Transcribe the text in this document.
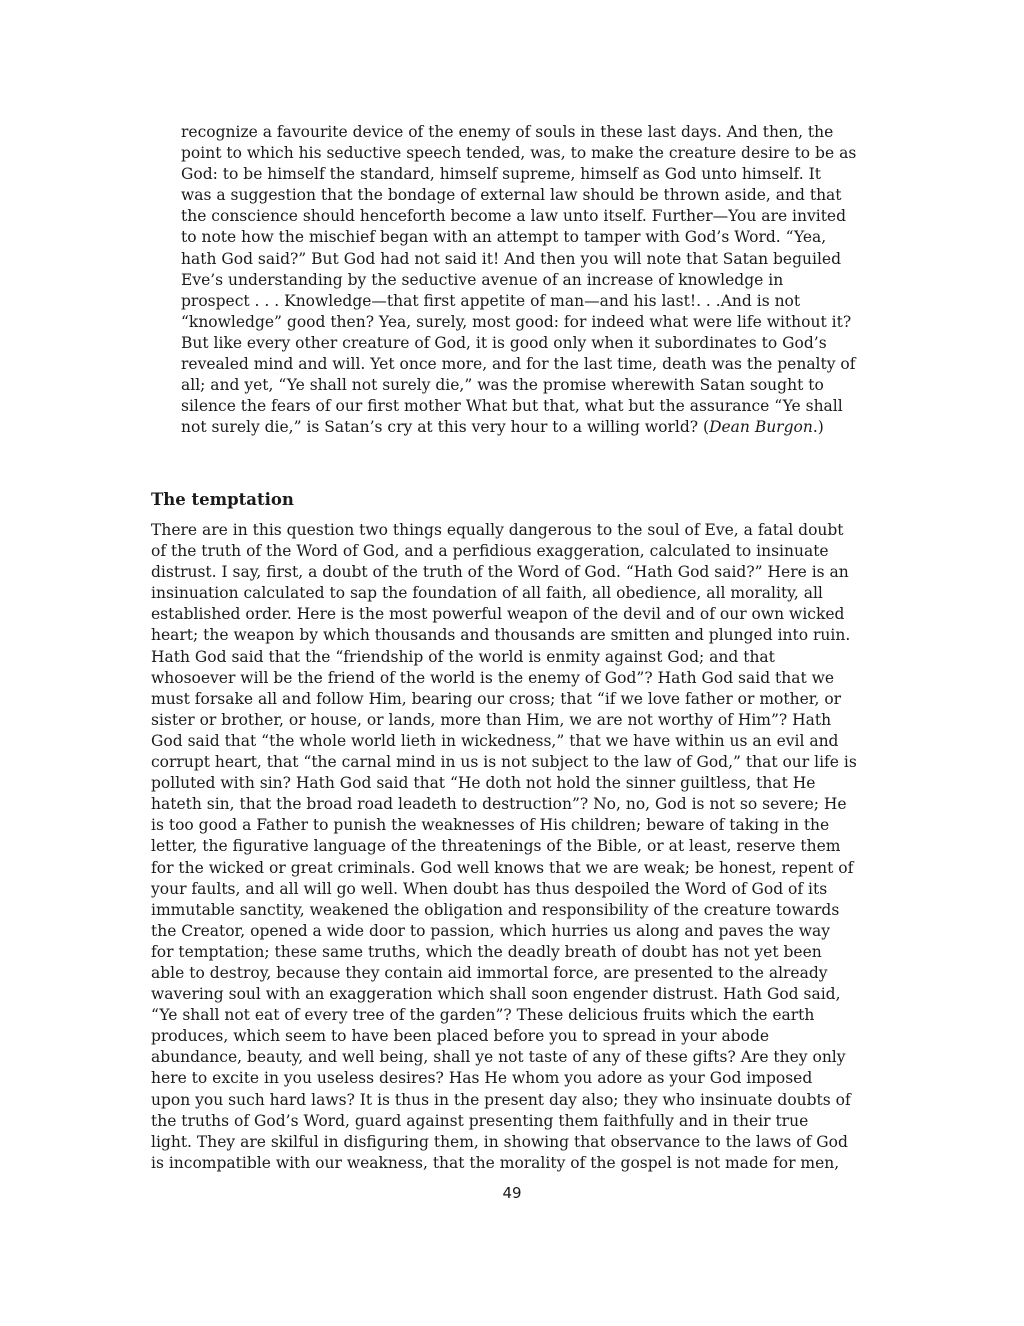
recognize a favourite device of the enemy of souls in these last days. And then, the
point to which his seductive speech tended, was, to make the creature desire to be as
God: to be himself the standard, himself supreme, himself as God unto himself. It
was a suggestion that the bondage of external law should be thrown aside, and that
the conscience should henceforth become a law unto itself. Further—You are invited
to note how the mischief began with an attempt to tamper with God’s Word. “Yea,
hath God said?” But God had not said it! And then you will note that Satan beguiled
Eve’s understanding by the seductive avenue of an increase of knowledge in
prospect . . . Knowledge—that first appetite of man—and his last!. . .And is not
“knowledge” good then? Yea, surely, most good: for indeed what were life without it?
But like every other creature of God, it is good only when it subordinates to God’s
revealed mind and will. Yet once more, and for the last time, death was the penalty of
all; and yet, “Ye shall not surely die,” was the promise wherewith Satan sought to
silence the fears of our first mother What but that, what but the assurance “Ye shall
not surely die,” is Satan’s cry at this very hour to a willing world? (Dean Burgon.)
The temptation
There are in this question two things equally dangerous to the soul of Eve, a fatal doubt
of the truth of the Word of God, and a perfidious exaggeration, calculated to insinuate
distrust. I say, first, a doubt of the truth of the Word of God. “Hath God said?” Here is an
insinuation calculated to sap the foundation of all faith, all obedience, all morality, all
established order. Here is the most powerful weapon of the devil and of our own wicked
heart; the weapon by which thousands and thousands are smitten and plunged into ruin.
Hath God said that the “friendship of the world is enmity against God; and that
whosoever will be the friend of the world is the enemy of God”? Hath God said that we
must forsake all and follow Him, bearing our cross; that “if we love father or mother, or
sister or brother, or house, or lands, more than Him, we are not worthy of Him”? Hath
God said that “the whole world lieth in wickedness,” that we have within us an evil and
corrupt heart, that “the carnal mind in us is not subject to the law of God,” that our life is
polluted with sin? Hath God said that “He doth not hold the sinner guiltless, that He
hateth sin, that the broad road leadeth to destruction”? No, no, God is not so severe; He
is too good a Father to punish the weaknesses of His children; beware of taking in the
letter, the figurative language of the threatenings of the Bible, or at least, reserve them
for the wicked or great criminals. God well knows that we are weak; be honest, repent of
your faults, and all will go well. When doubt has thus despoiled the Word of God of its
immutable sanctity, weakened the obligation and responsibility of the creature towards
the Creator, opened a wide door to passion, which hurries us along and paves the way
for temptation; these same truths, which the deadly breath of doubt has not yet been
able to destroy, because they contain aid immortal force, are presented to the already
wavering soul with an exaggeration which shall soon engender distrust. Hath God said,
“Ye shall not eat of every tree of the garden”? These delicious fruits which the earth
produces, which seem to have been placed before you to spread in your abode
abundance, beauty, and well being, shall ye not taste of any of these gifts? Are they only
here to excite in you useless desires? Has He whom you adore as your God imposed
upon you such hard laws? It is thus in the present day also; they who insinuate doubts of
the truths of God’s Word, guard against presenting them faithfully and in their true
light. They are skilful in disfiguring them, in showing that observance to the laws of God
is incompatible with our weakness, that the morality of the gospel is not made for men,
49
